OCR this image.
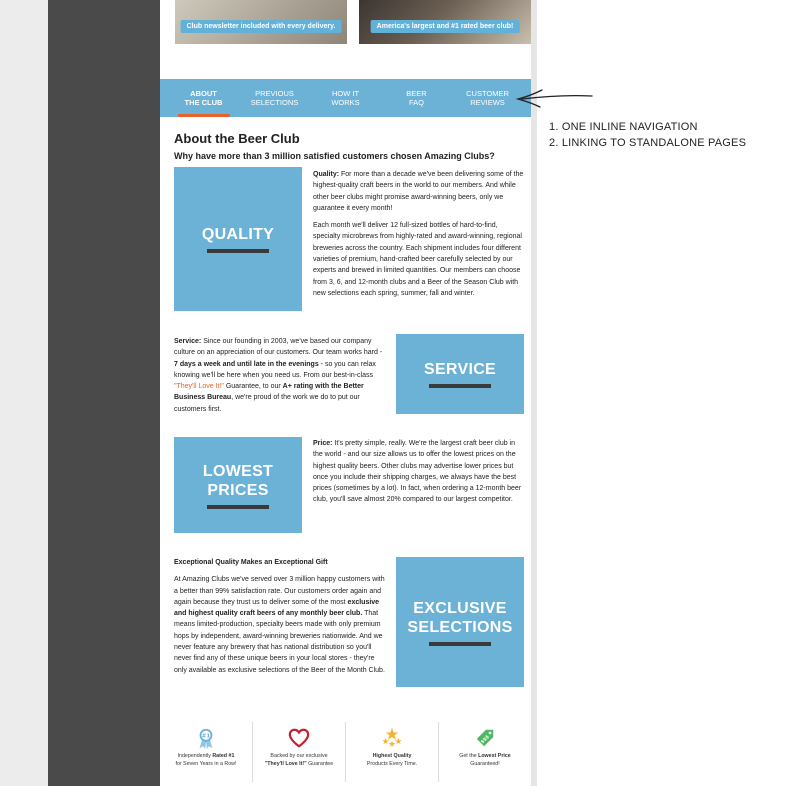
Club newsletter included with every delivery.	America's largest and #1 rated beer club!
ABOUT
THE CLUB
PREVIOUS
SELECTIONS
HOW IT
WORKS
BEER
FAQ
CUSTOMER
REVIEWS
About the Beer Club
Why have more than 3 million satisfied customers chosen Amazing Clubs?
QUALITY

Quality: For more than a decade we've been delivering some of the highest-quality craft beers in the world to our members. And while other beer clubs might promise award-winning beers, only we guarantee it every month!

Each month we'll deliver 12 full-sized bottles of hard-to-find, specialty microbrews from highly-rated and award-winning, regional breweries across the country. Each shipment includes four different varieties of premium, hand-crafted beer carefully selected by our experts and brewed in limited quantities. Our members can choose from 3, 6, and 12-month clubs and a Beer of the Season Club with new selections each spring, summer, fall and winter.

Service: Since our founding in 2003, we've based our company culture on an appreciation of our customers. Our team works hard - 7 days a week and until late in the evenings - so you can relax knowing we'll be here when you need us. From our best-in-class "They'll Love It!" Guarantee, to our A+ rating with the Better Business Bureau, we're proud of the work we do to put our customers first.

SERVICE
LOWEST
PRICES

Price: It's pretty simple, really. We're the largest craft beer club in the world - and our size allows us to offer the lowest prices on the highest quality beers. Other clubs may advertise lower prices but once you include their shipping charges, we always have the best prices (sometimes by a lot). In fact, when ordering a 12-month beer club, you'll save almost 20% compared to our largest competitor.

Exceptional Quality Makes an Exceptional Gift

At Amazing Clubs we've served over 3 million happy customers with a better than 99% satisfaction rate. Our customers order again and again because they trust us to deliver some of the most exclusive and highest quality craft beers of any monthly beer club. That means limited-production, specialty beers made with only premium hops by independent, award-winning breweries nationwide. And we never feature any brewery that has national distribution so you'll never find any of these unique beers in your local stores - they're only available as exclusive selections of the Beer of the Month Club.

EXCLUSIVE
SELECTIONS
#1
Independently Rated #1
for Seven Years in a Row!
Backed by our exclusive
"They'll Love It!" Guarantee
Highest Quality
Products Every Time.
$$$
Get the Lowest Price
Guaranteed!
1. ONE INLINE NAVIGATION
2. LINKING TO STANDALONE PAGES
